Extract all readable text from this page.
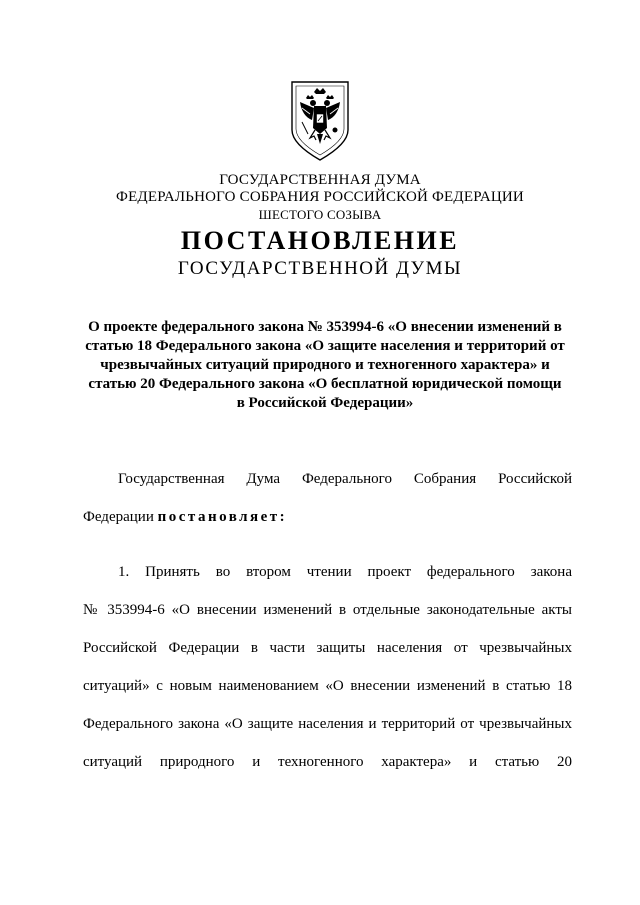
ГОСУДАРСТВЕННАЯ ДУМА
ФЕДЕРАЛЬНОГО СОБРАНИЯ РОССИЙСКОЙ ФЕДЕРАЦИИ
ШЕСТОГО СОЗЫВА
ПОСТАНОВЛЕНИЕ
ГОСУДАРСТВЕННОЙ ДУМЫ
О проекте федерального закона № 353994-6 «О внесении изменений в
статью 18 Федерального закона «О защите населения и территорий от
чрезвычайных ситуаций природного и техногенного характера» и
статью 20 Федерального закона «О бесплатной юридической помощи
в Российской Федерации»
Государственная Дума Федерального Собрания Российской
Федерации постановляет:
1. Принять во втором чтении проект федерального закона
№ 353994-6 «О внесении изменений в отдельные законодательные акты
Российской Федерации в части защиты населения от чрезвычайных
ситуаций» с новым наименованием «О внесении изменений в статью 18
Федерального закона «О защите населения и территорий от чрезвычайных
ситуаций природного и техногенного характера» и статью 20
